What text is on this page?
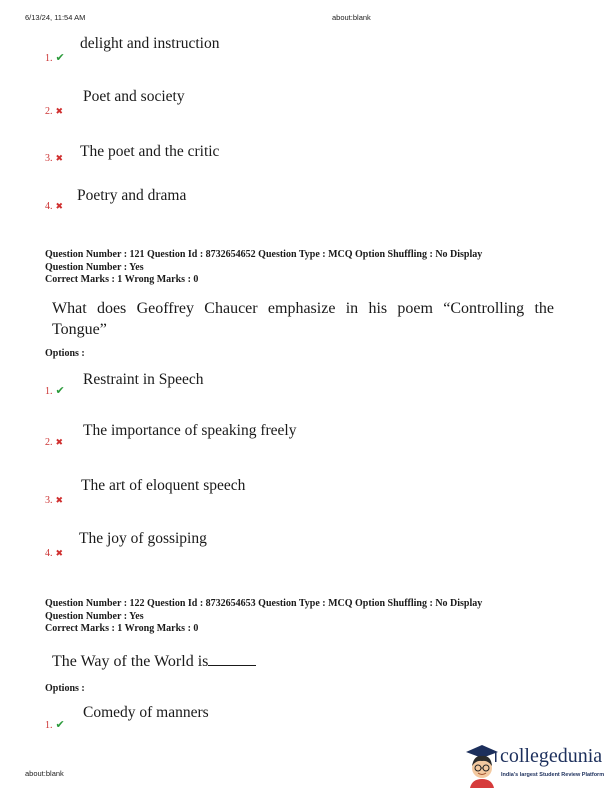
6/13/24, 11:54 AM	about:blank
delight and instruction
1. ✔
Poet and society
2. ✖
The poet and the critic
3. ✖
Poetry and drama
4. ✖
Question Number : 121 Question Id : 8732654652 Question Type : MCQ Option Shuffling : No Display
Question Number : Yes
Correct Marks : 1 Wrong Marks : 0
What does Geoffrey Chaucer emphasize in his poem “Controlling the Tongue”
Options :
Restraint in Speech
1. ✔
The importance of speaking freely
2. ✖
The art of eloquent speech
3. ✖
The joy of gossiping
4. ✖
Question Number : 122 Question Id : 8732654653 Question Type : MCQ Option Shuffling : No Display
Question Number : Yes
Correct Marks : 1 Wrong Marks : 0
The Way of the World is
Options :
Comedy of manners
1. ✔
about:blank
collegedunia
India's largest Student Review Platform
